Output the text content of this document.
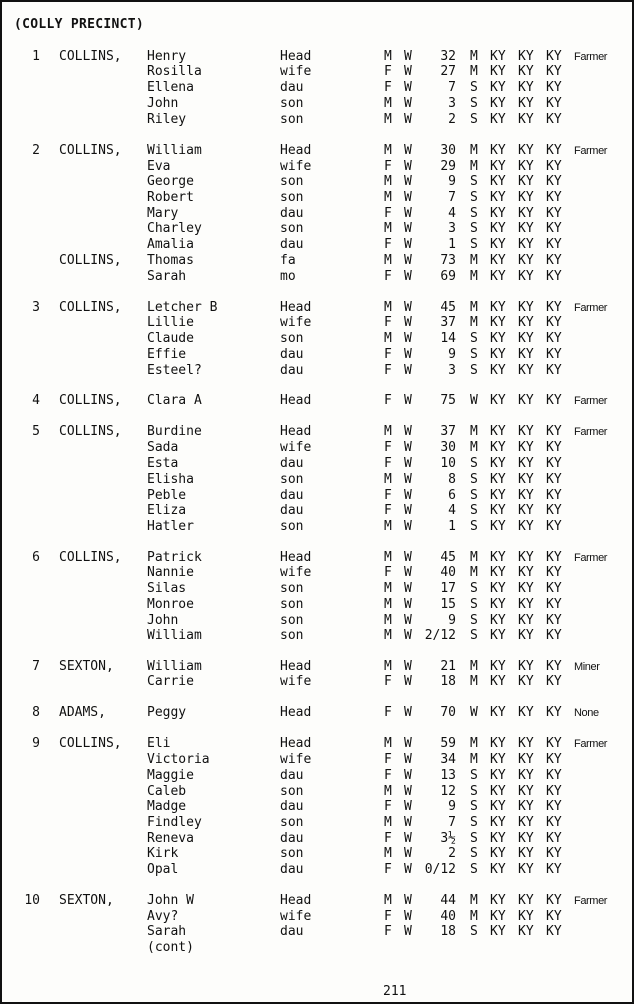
(COLLY PRECINCT)
1 COLLINS, Henry	Head	M W	32 M KY KY KY Farmer
Rosilla	wife	F W	27 M KY KY KY
Ellena	dau	F W	7 S KY KY KY
John	son	M W	3 S KY KY KY
Riley	son	M W	2 S KY KY KY
2 COLLINS, William	Head	M W	30 M KY KY KY Farmer
Eva	wife	F W	29 M KY KY KY
George	son	M W	9 S KY KY KY
Robert	son	M W	7 S KY KY KY
Mary	dau	F W	4 S KY KY KY
Charley	son	M W	3 S KY KY KY
Amalia	dau	F W	1 S KY KY KY
COLLINS, Thomas	fa	M W	73 M KY KY KY
Sarah	mo	F W	69 M KY KY KY
3 COLLINS, Letcher B	Head	M W	45 M KY KY KY Farmer
Lillie	wife	F W	37 M KY KY KY
Claude	son	M W	14 S KY KY KY
Effie	dau	F W	9 S KY KY KY
Esteel?	dau	F W	3 S KY KY KY
4 COLLINS, Clara A	Head	F W	75 W KY KY KY Farmer
5 COLLINS, Burdine	Head	M W	37 M KY KY KY Farmer
Sada	wife	F W	30 M KY KY KY
Esta	dau	F W	10 S KY KY KY
Elisha	son	M W	8 S KY KY KY
Peble	dau	F W	6 S KY KY KY
Eliza	dau	F W	4 S KY KY KY
Hatler	son	M W	1 S KY KY KY
6 COLLINS, Patrick	Head	M W	45 M KY KY KY Farmer
Nannie	wife	F W	40 M KY KY KY
Silas	son	M W	17 S KY KY KY
Monroe	son	M W	15 S KY KY KY
John	son	M W	9 S KY KY KY
William	son	M W 2/12 S KY KY KY
7 SEXTON,	William	Head	M W	21 M KY KY KY Miner
Carrie	wife	F W	18 M KY KY KY
8 ADAMS,	Peggy	Head	F W	70 W KY KY KY None
9 COLLINS, Eli	Head	M W	59 M KY KY KY Farmer
Victoria	wife	F W	34 M KY KY KY
Maggie	dau	F W	13 S KY KY KY
Caleb	son	M W	12 S KY KY KY
Madge	dau	F W	9 S KY KY KY
Findley	son	M W	7 S KY KY KY
Reneva	dau	F W	3½ S KY KY KY
Kirk	son	M W	2 S KY KY KY
Opal	dau	F W 0/12 S KY KY KY
10 SEXTON,	John W	Head	M W	44 M KY KY KY Farmer
Avy?	wife	F W	40 M KY KY KY
Sarah	dau	F W	18 S KY KY KY
(cont)
211
